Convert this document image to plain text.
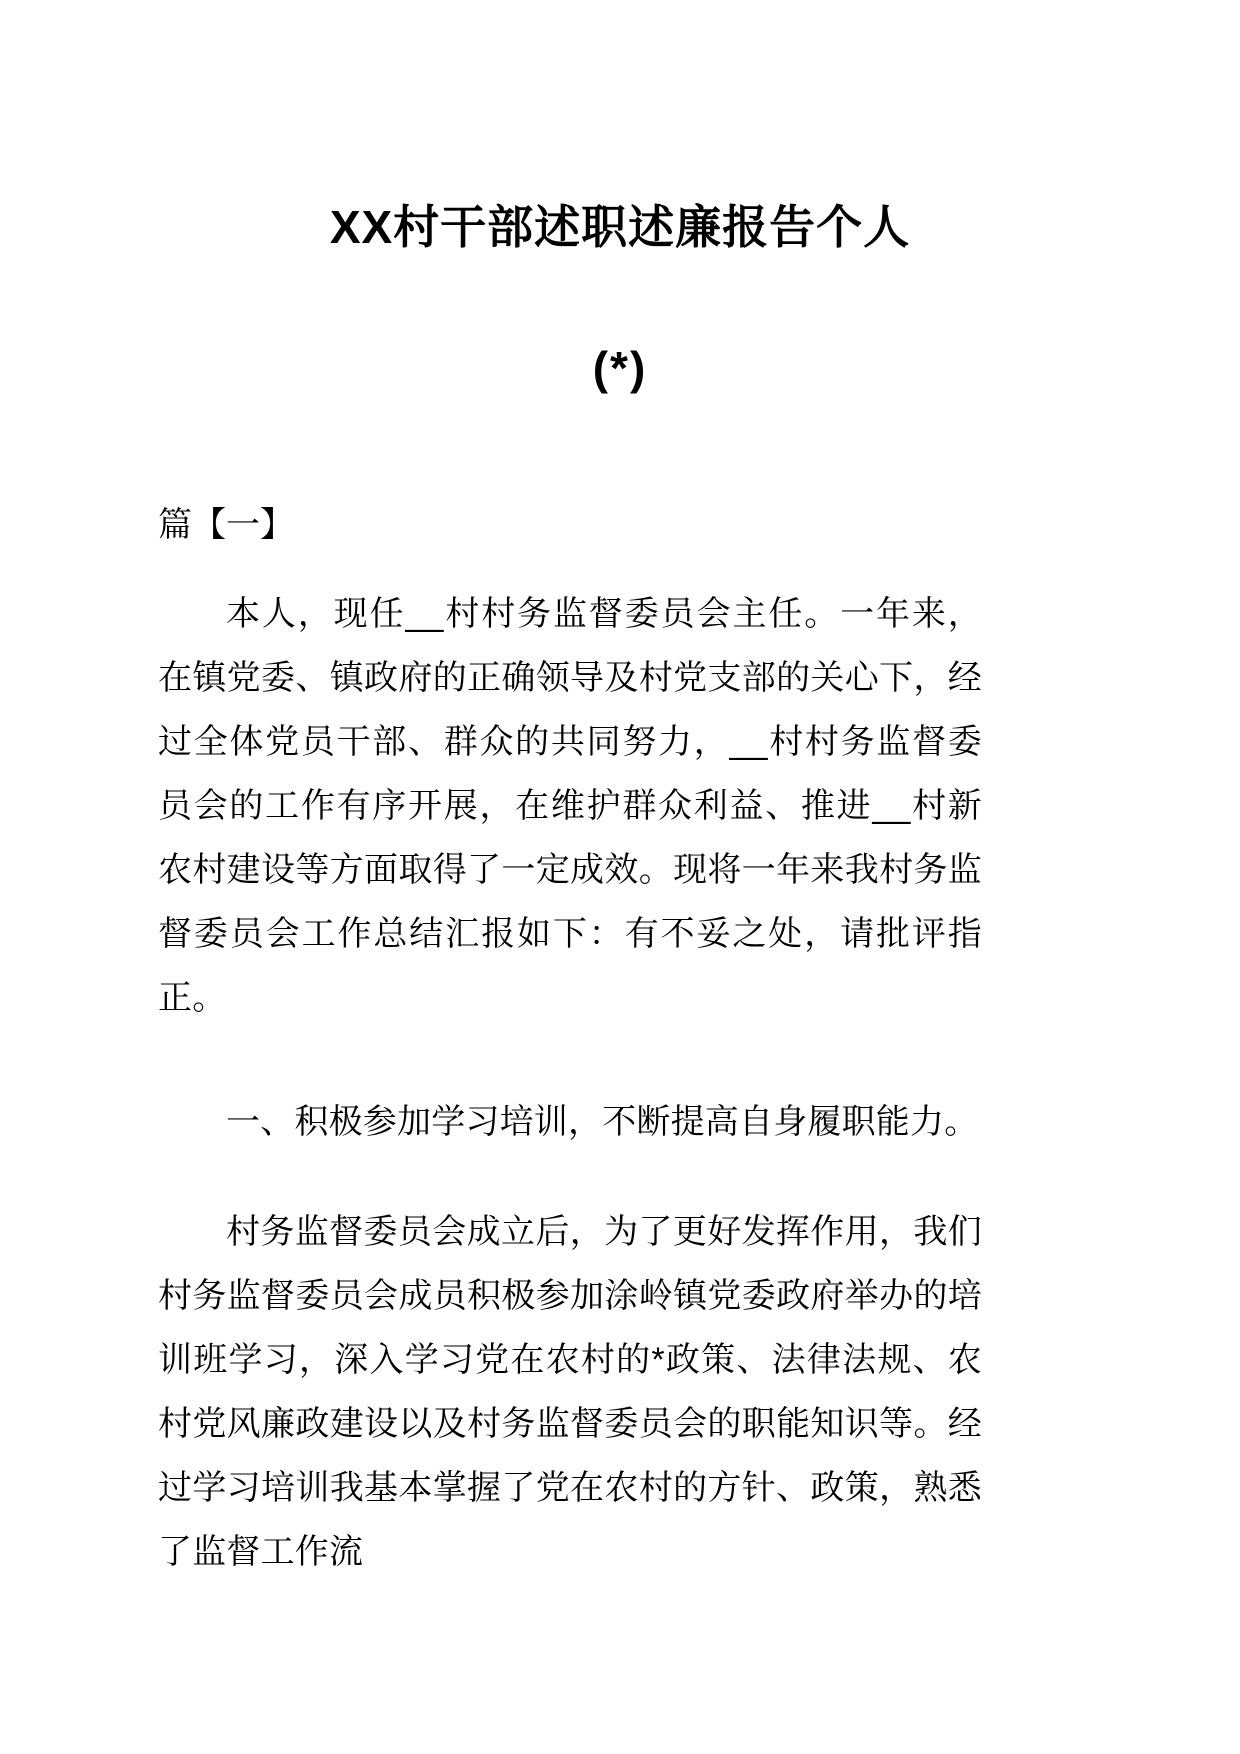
XX村干部述职述廉报告个人
(*)
篇【一】

本人，现任__村村务监督委员会主任。一年来，在镇党委、镇政府的正确领导及村党支部的关心下，经过全体党员干部、群众的共同努力，__村村务监督委员会的工作有序开展，在维护群众利益、推进__村新农村建设等方面取得了一定成效。现将一年来我村务监督委员会工作总结汇报如下：有不妥之处，请批评指正。

一、积极参加学习培训，不断提高自身履职能力。

村务监督委员会成立后，为了更好发挥作用，我们村务监督委员会成员积极参加涂岭镇党委政府举办的培训班学习，深入学习党在农村的*政策、法律法规、农村党风廉政建设以及村务监督委员会的职能知识等。经过学习培训我基本掌握了党在农村的方针、政策，熟悉了监督工作流
